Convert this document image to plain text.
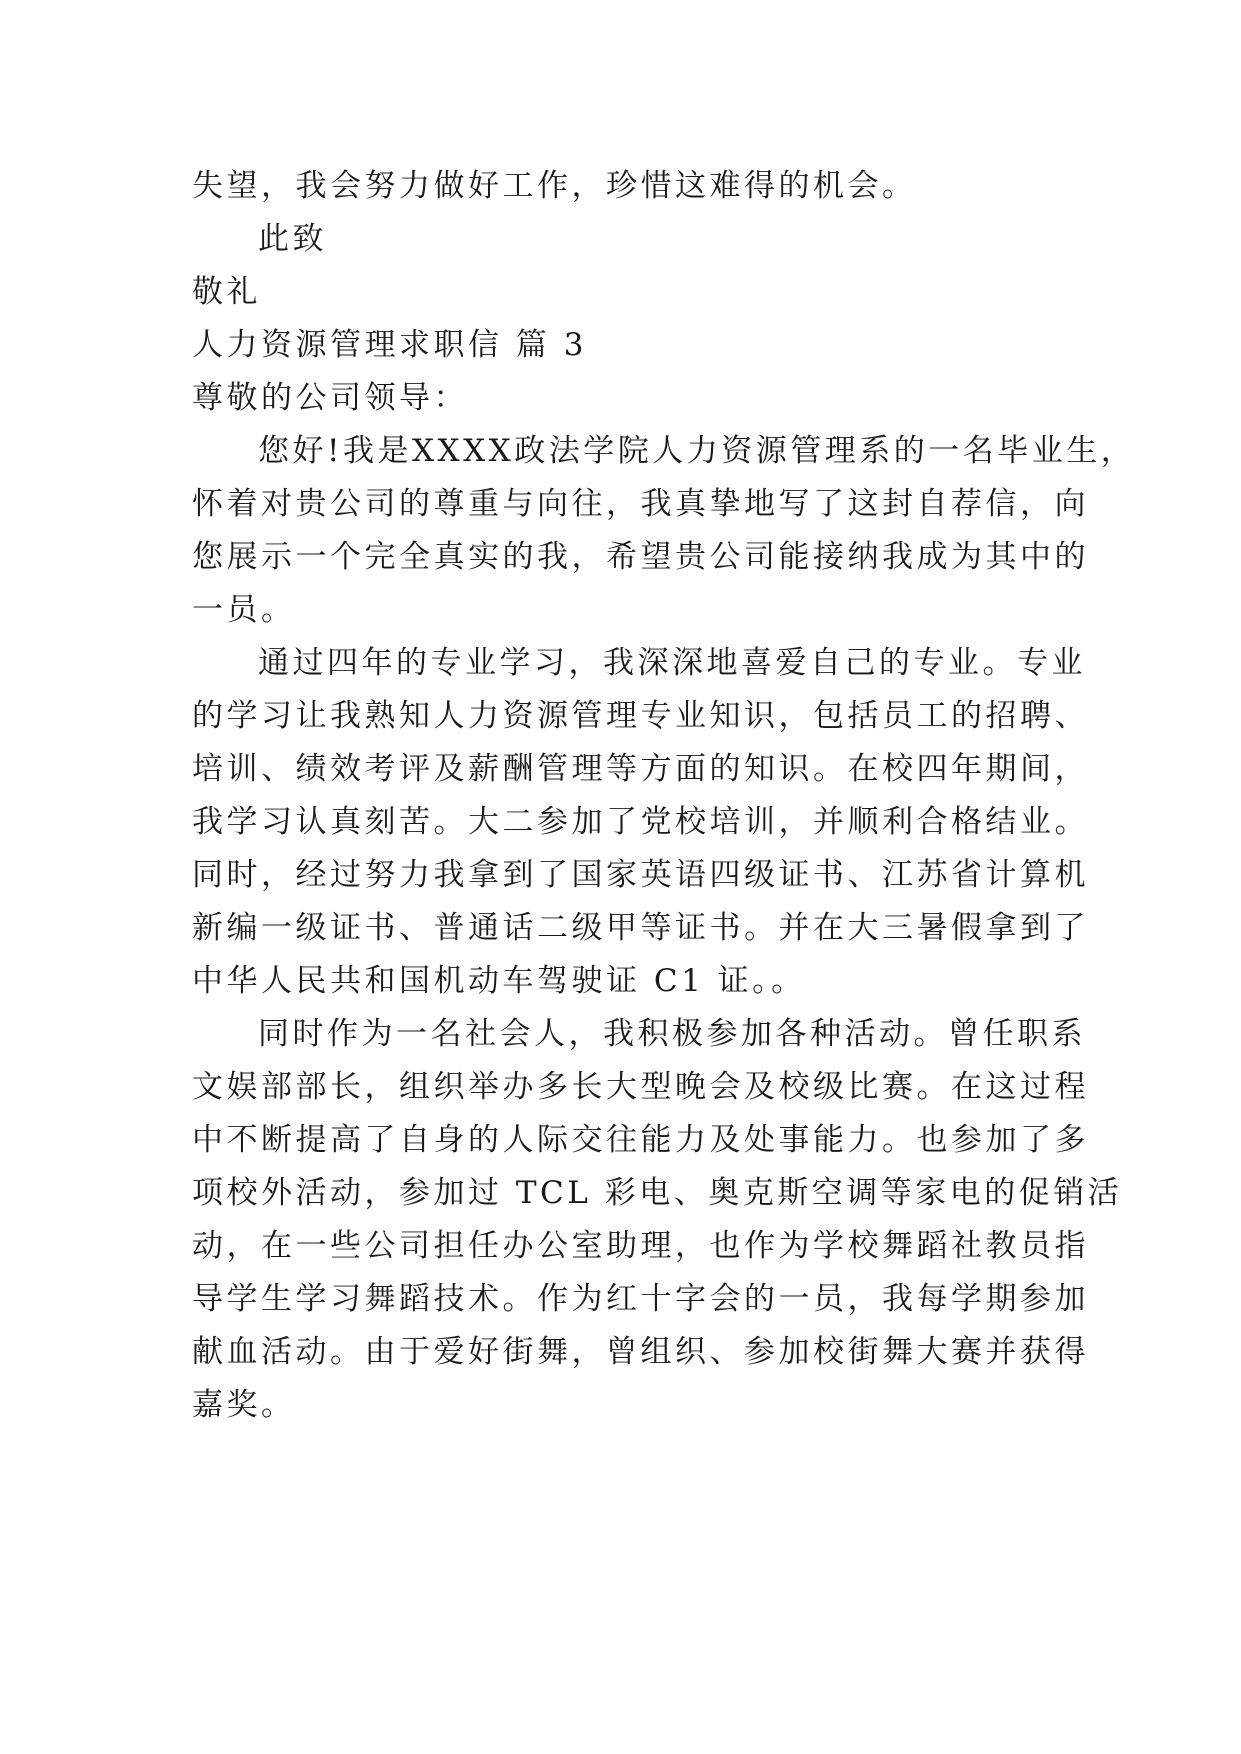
失望，我会努力做好工作，珍惜这难得的机会。
此致
敬礼
人力资源管理求职信 篇 3
尊敬的公司领导：
您好!我是XXXX政法学院人力资源管理系的一名毕业生，
怀着对贵公司的尊重与向往，我真挚地写了这封自荐信，向
您展示一个完全真实的我，希望贵公司能接纳我成为其中的
一员。
通过四年的专业学习，我深深地喜爱自己的专业。专业
的学习让我熟知人力资源管理专业知识，包括员工的招聘、
培训、绩效考评及薪酬管理等方面的知识。在校四年期间，
我学习认真刻苦。大二参加了党校培训，并顺利合格结业。
同时，经过努力我拿到了国家英语四级证书、江苏省计算机
新编一级证书、普通话二级甲等证书。并在大三暑假拿到了
中华人民共和国机动车驾驶证 C1 证。。
同时作为一名社会人，我积极参加各种活动。曾任职系
文娱部部长，组织举办多长大型晚会及校级比赛。在这过程
中不断提高了自身的人际交往能力及处事能力。也参加了多
项校外活动，参加过 TCL 彩电、奥克斯空调等家电的促销活
动，在一些公司担任办公室助理，也作为学校舞蹈社教员指
导学生学习舞蹈技术。作为红十字会的一员，我每学期参加
献血活动。由于爱好街舞，曾组织、参加校街舞大赛并获得
嘉奖。
